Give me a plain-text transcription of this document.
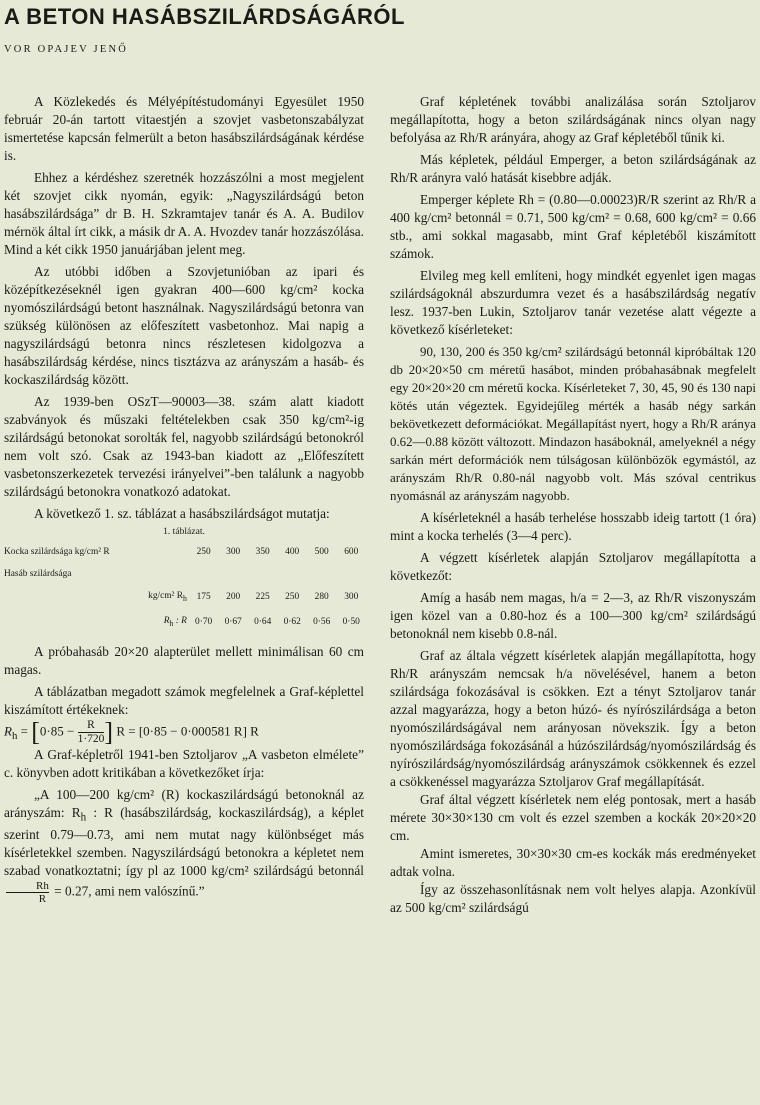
A BETON HASÁBSZILÁRDSÁGÁRÓL

VOR OPAJEV JENŐ

A Közlekedés és Mélyépítéstudományi Egyesület 1950 február 20-án tartott vitaestjén a szovjet vasbetonszabályzat ismertetése kapcsán felmerült a beton hasábszilárdságának kérdése is.

Ehhez a kérdéshez szeretnék hozzászólni a most megjelent két szovjet cikk nyomán, egyik: „Nagyszilárdságú beton hasábszilárdsága” dr B. H. Szkramtajev tanár és A. A. Budilov mérnök által írt cikk, a másik dr A. A. Hvozdev tanár hozzászólása. Mind a két cikk 1950 januárjában jelent meg.

Az utóbbi időben a Szovjetunióban az ipari és középítkezéseknél igen gyakran 400—600 kg/cm² kocka nyomószilárdságú betont használnak. Nagyszilárdságú betonra van szükség különösen az előfeszített vasbetonhoz. Mai napig a nagyszilárdságú betonra nincs részletesen kidolgozva a hasábszilárdság kérdése, nincs tisztázva az arányszám a hasáb- és kockaszilárdság között.

Az 1939-ben OSzT—90003—38. szám alatt kiadott szabványok és műszaki feltételekben csak 350 kg/cm²-ig szilárdságú betonokat sorolták fel, nagyobb szilárdságú betonokról nem volt szó. Csak az 1943-ban kiadott az „Előfeszített vasbetonszerkezetek tervezési irányelvei”-ben találunk a nagyobb szilárdságú betonokra vonatkozó adatokat.

A következő 1. sz. táblázat a hasábszilárdságot mutatja:

1. táblázat.

Kocka szilárdsága kg/cm² R	250	300	350	400	500	600
Hasáb szilárdsága						
kg/cm² $R_h$	175	200	225	250	280	300
$R_h$ : R	0·70	0·67	0·64	0·62	0·56	0·50

A próbahasáb 20×20 alapterület mellett minimálisan 60 cm magas.

A táblázatban megadott számok megfelelnek a Graf-képlettel kiszámított értékeknek:

$R_h = [0\cdot 85 - \frac{R}{1\cdot 720}$ ] R = [0·85 − 0·000581 R] R

A Graf-képletről 1941-ben Sztoljarov „A vasbeton elmélete” c. könyvben adott kritikában a következőket írja:

„A 100—200 kg/cm² (R) kockaszilárdságú betonoknál az arányszám: $R_h$ : R (hasábszilárdság, kockaszilárdság), a képlet szerint 0.79—0.73, ami nem mutat nagy különbséget más kísérletekkel szemben. Nagyszilárdságú betonokra a képletet nem szabad vonatkoztatni; így pl az 1000 kg/cm² szilárdságú betonnál
$\frac{Rh}{R} = 0.27$, ami nem valószínű.”

Graf képletének további analizálása során Sztoljarov megállapította, hogy a beton szilárdságának nincs olyan nagy befolyása az Rh/R arányára, ahogy az Graf képletéből tűnik ki.

Más képletek, például Emperger, a beton szilárdságának az Rh/R arányra való hatását kisebbre adják.

Emperger képlete Rh = (0.80—0.00023)R/R szerint az Rh/R a 400 kg/cm² betonnál = 0.71, 500 kg/cm² = 0.68, 600 kg/cm² = 0.66 stb., ami sokkal magasabb, mint Graf képletéből kiszámított számok.

Elvileg meg kell említeni, hogy mindkét egyenlet igen magas szilárdságoknál abszurdumra vezet és a hasábszilárdság negatív lesz. 1937-ben Lukin, Sztoljarov tanár vezetése alatt végezte a következő kísérleteket:

90, 130, 200 és 350 kg/cm² szilárdságú betonnál kipróbáltak 120 db 20×20×50 cm méretű hasábot, minden próbahasábnak megfelelt egy 20×20×20 cm méretű kocka. Kísérleteket 7, 30, 45, 90 és 130 napi kötés után végeztek. Egyidejűleg mérték a hasáb négy sarkán bekövetkezett deformációkat. Megállapítást nyert, hogy a Rh/R aránya 0.62—0.88 között változott. Mindazon hasáboknál, amelyeknél a négy sarkán mért deformációk nem túlságosan különbözök egymástól, az arányszám Rh/R 0.80-nál nagyobb volt. Más szóval centrikus nyomásnál az arányszám nagyobb.

A kísérleteknél a hasáb terhelése hosszabb ideig tartott (1 óra) mint a kocka terhelés (3—4 perc).

A végzett kísérletek alapján Sztoljarov megállapította a következőt:

Amíg a hasáb nem magas, h/a = 2—3, az Rh/R viszonyszám igen közel van a 0.80-hoz és a 100—300 kg/cm² szilárdságú betonoknál nem kisebb 0.8-nál.

Graf az általa végzett kísérletek alapján megállapította, hogy Rh/R arányszám nemcsak h/a növelésével, hanem a beton szilárdsága fokozásával is csökken. Ezt a tényt Sztoljarov tanár azzal magyarázza, hogy a beton húzó- és nyírószilárdsága a beton nyomószilárdságával nem arányosan növekszik. Így a beton nyomószilárdsága fokozásánál a húzószilárdság/nyomószilárdság és nyírószilárdság/nyomószilárdság arányszámok csökkennek és ezzel a csökkenéssel magyarázza Sztoljarov Graf megállapítását.

Graf által végzett kísérletek nem elég pontosak, mert a hasáb mérete 30×30×130 cm volt és ezzel szemben a kockák 20×20×20 cm.

Amint ismeretes, 30×30×30 cm-es kockák más eredményeket adtak volna.

Így az összehasonlításnak nem volt helyes alapja. Azonkívül az 500 kg/cm² szilárdságú
